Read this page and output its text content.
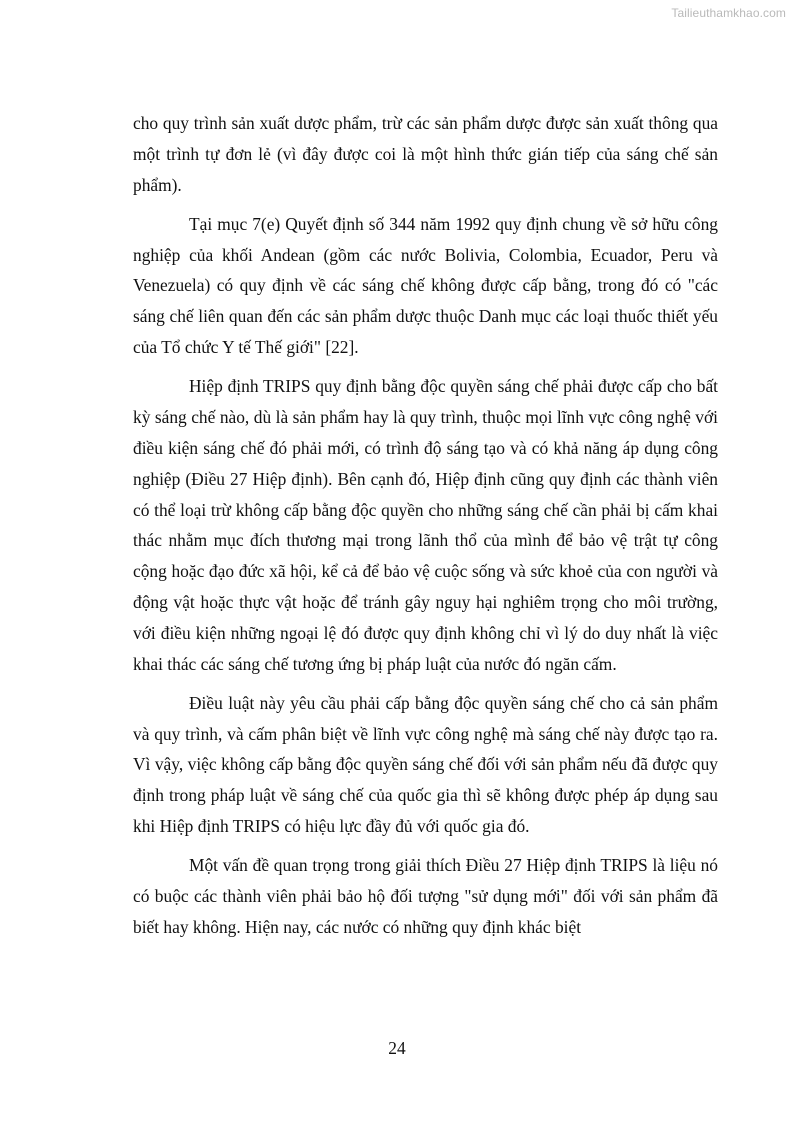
Tailieuthamkhao.com

cho quy trình sản xuất dược phẩm, trừ các sản phẩm dược được sản xuất thông qua một trình tự đơn lẻ (vì đây được coi là một hình thức gián tiếp của sáng chế sản phẩm).

Tại mục 7(e) Quyết định số 344 năm 1992 quy định chung về sở hữu công nghiệp của khối Andean (gồm các nước Bolivia, Colombia, Ecuador, Peru và Venezuela) có quy định về các sáng chế không được cấp bằng, trong đó có "các sáng chế liên quan đến các sản phẩm dược thuộc Danh mục các loại thuốc thiết yếu của Tổ chức Y tế Thế giới" [22].

Hiệp định TRIPS quy định bằng độc quyền sáng chế phải được cấp cho bất kỳ sáng chế nào, dù là sản phẩm hay là quy trình, thuộc mọi lĩnh vực công nghệ với điều kiện sáng chế đó phải mới, có trình độ sáng tạo và có khả năng áp dụng công nghiệp (Điều 27 Hiệp định). Bên cạnh đó, Hiệp định cũng quy định các thành viên có thể loại trừ không cấp bằng độc quyền cho những sáng chế cần phải bị cấm khai thác nhằm mục đích thương mại trong lãnh thổ của mình để bảo vệ trật tự công cộng hoặc đạo đức xã hội, kể cả để bảo vệ cuộc sống và sức khoẻ của con người và động vật hoặc thực vật hoặc để tránh gây nguy hại nghiêm trọng cho môi trường, với điều kiện những ngoại lệ đó được quy định không chỉ vì lý do duy nhất là việc khai thác các sáng chế tương ứng bị pháp luật của nước đó ngăn cấm.

Điều luật này yêu cầu phải cấp bằng độc quyền sáng chế cho cả sản phẩm và quy trình, và cấm phân biệt về lĩnh vực công nghệ mà sáng chế này được tạo ra. Vì vậy, việc không cấp bằng độc quyền sáng chế đối với sản phẩm nếu đã được quy định trong pháp luật về sáng chế của quốc gia thì sẽ không được phép áp dụng sau khi Hiệp định TRIPS có hiệu lực đầy đủ với quốc gia đó.

Một vấn đề quan trọng trong giải thích Điều 27 Hiệp định TRIPS là liệu nó có buộc các thành viên phải bảo hộ đối tượng "sử dụng mới" đối với sản phẩm đã biết hay không. Hiện nay, các nước có những quy định khác biệt

24
